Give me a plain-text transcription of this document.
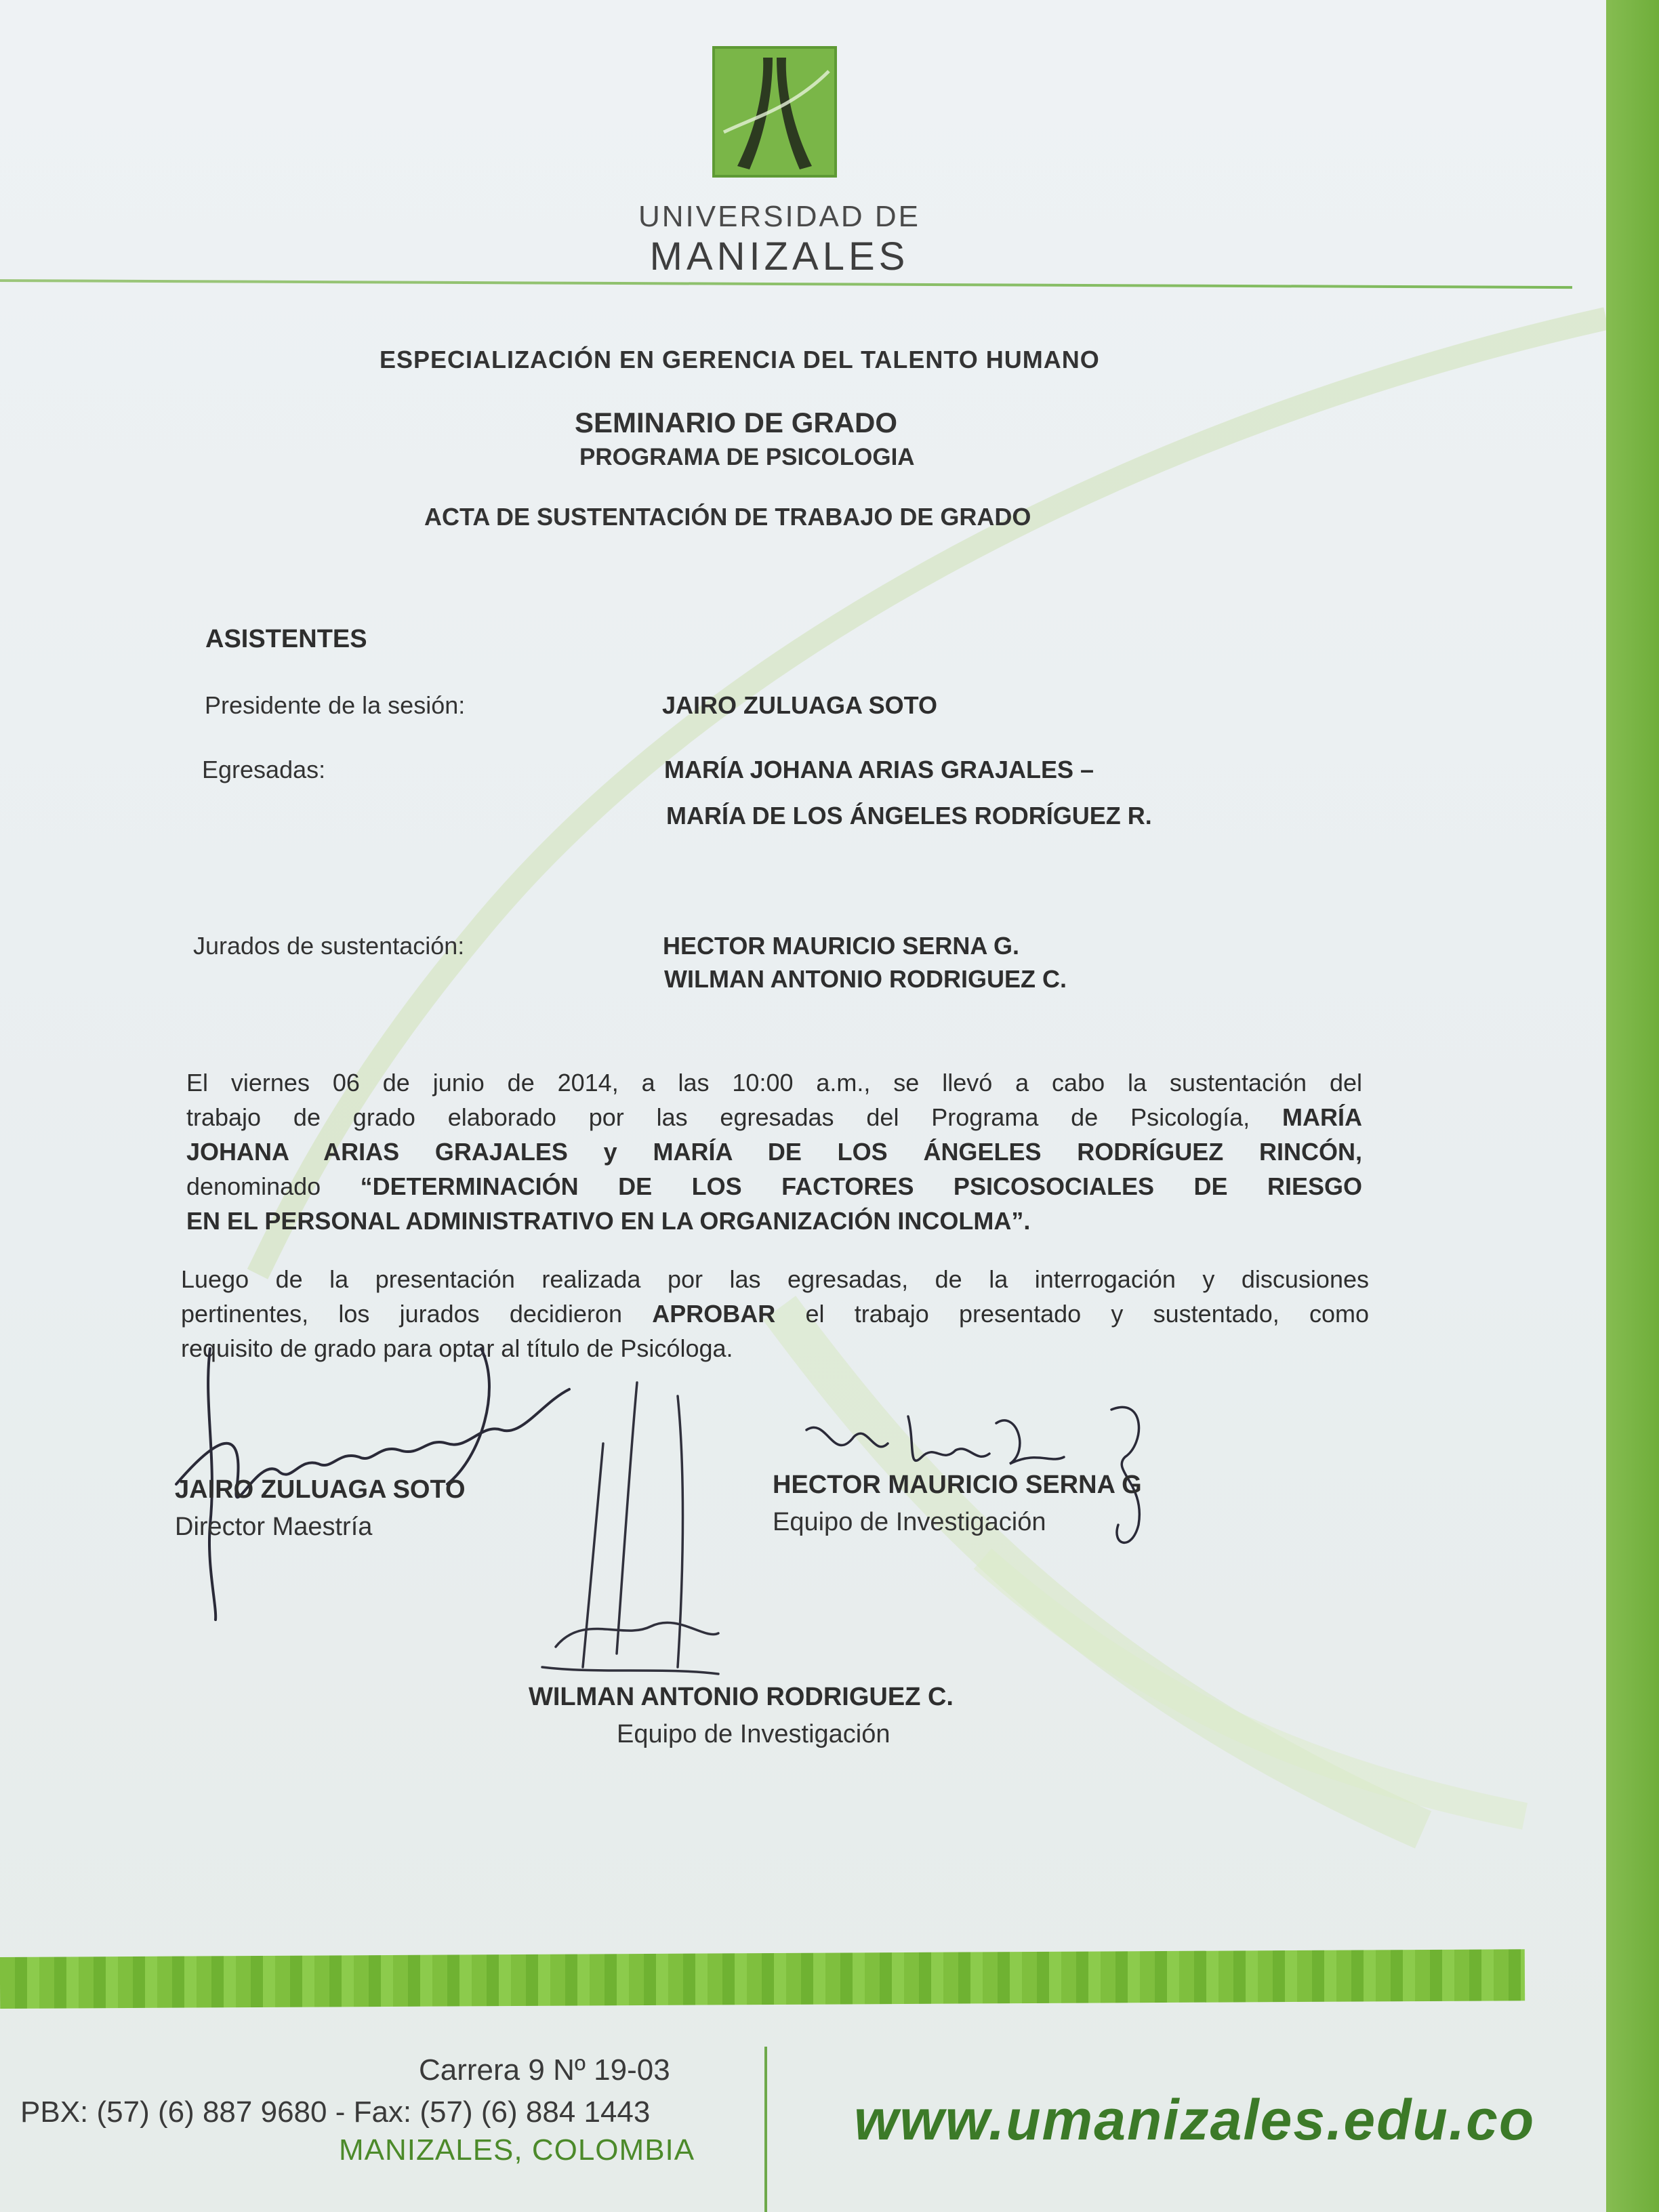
UNIVERSIDAD DE
MANIZALES
ESPECIALIZACIÓN EN GERENCIA DEL TALENTO HUMANO
SEMINARIO DE GRADO
PROGRAMA DE PSICOLOGIA
ACTA DE SUSTENTACIÓN DE TRABAJO DE GRADO
ASISTENTES
Presidente de la sesión:	JAIRO ZULUAGA SOTO
Egresadas:	MARÍA JOHANA ARIAS GRAJALES –
MARÍA DE LOS ÁNGELES RODRÍGUEZ R.
Jurados de sustentación:	HECTOR MAURICIO SERNA G.
WILMAN ANTONIO RODRIGUEZ C.
El viernes 06 de junio de 2014, a las 10:00 a.m., se llevó a cabo la sustentación del
trabajo de grado elaborado por las egresadas del Programa de Psicología, MARÍA
JOHANA ARIAS GRAJALES y MARÍA DE LOS ÁNGELES RODRÍGUEZ RINCÓN,
denominado “DETERMINACIÓN DE LOS FACTORES PSICOSOCIALES DE RIESGO
EN EL PERSONAL ADMINISTRATIVO EN LA ORGANIZACIÓN INCOLMA”.
Luego de la presentación realizada por las egresadas, de la interrogación y discusiones
pertinentes, los jurados decidieron APROBAR el trabajo presentado y sustentado, como
requisito de grado para optar al título de Psicóloga.
JAIRO ZULUAGA SOTO
Director Maestría
HECTOR MAURICIO SERNA G
Equipo de Investigación
WILMAN ANTONIO RODRIGUEZ C.
Equipo de Investigación
Carrera 9 Nº 19-03
PBX: (57) (6) 887 9680 - Fax: (57) (6) 884 1443
MANIZALES, COLOMBIA	www.umanizales.edu.co
